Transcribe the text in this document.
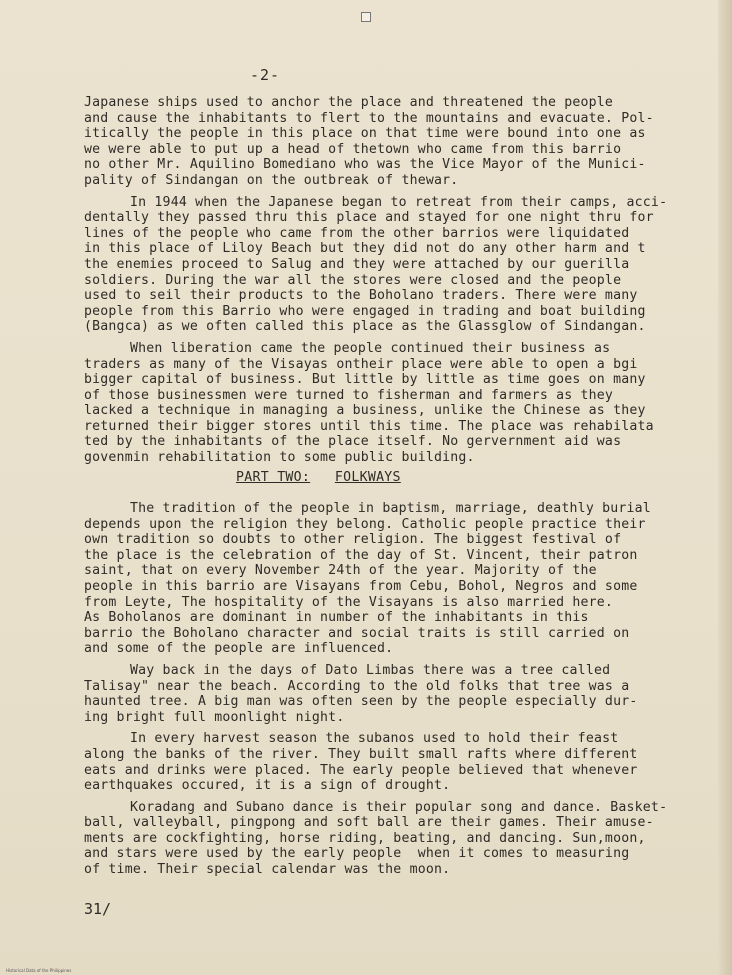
-2-
Japanese ships used to anchor the place and threatened the people
and cause the inhabitants to flert to the mountains and evacuate. Pol-
itically the people in this place on that time were bound into one as
we were able to put up a head of thetown who came from this barrio
no other Mr. Aquilino Bomediano who was the Vice Mayor of the Munici-
pality of Sindangan on the outbreak of thewar.
In 1944 when the Japanese began to retreat from their camps, acci-
dentally they passed thru this place and stayed for one night thru for
lines of the people who came from the other barrios were liquidated
in this place of Liloy Beach but they did not do any other harm and t
the enemies proceed to Salug and they were attached by our guerilla
soldiers. During the war all the stores were closed and the people
used to seil their products to the Boholano traders. There were many
people from this Barrio who were engaged in trading and boat building
(Bangca) as we often called this place as the Glassglow of Sindangan.
When liberation came the people continued their business as
traders as many of the Visayas ontheir place were able to open a bgi
bigger capital of business. But little by little as time goes on many
of those businessmen were turned to fisherman and farmers as they
lacked a technique in managing a business, unlike the Chinese as they
returned their bigger stores until this time. The place was rehabilata
ted by the inhabitants of the place itself. No gervernment aid was
govenmin rehabilitation to some public building.
PART TWO: FOLKWAYS
The tradition of the people in baptism, marriage, deathly burial
depends upon the religion they belong. Catholic people practice their
own tradition so doubts to other religion. The biggest festival of
the place is the celebration of the day of St. Vincent, their patron
saint, that on every November 24th of the year. Majority of the
people in this barrio are Visayans from Cebu, Bohol, Negros and some
from Leyte, The hospitality of the Visayans is also married here.
As Boholanos are dominant in number of the inhabitants in this
barrio the Boholano character and social traits is still carried on
and some of the people are influenced.
Way back in the days of Dato Limbas there was a tree called
Talisay" near the beach. According to the old folks that tree was a
haunted tree. A big man was often seen by the people especially dur-
ing bright full moonlight night.
In every harvest season the subanos used to hold their feast
along the banks of the river. They built small rafts where different
eats and drinks were placed. The early people believed that whenever
earthquakes occured, it is a sign of drought.
Koradang and Subano dance is their popular song and dance. Basket-
ball, valleyball, pingpong and soft ball are their games. Their amuse-
ments are cockfighting, horse riding, beating, and dancing. Sun,moon,
and stars were used by the early people  when it comes to measuring
of time. Their special calendar was the moon.
31/
Historical Data of the Philippines
